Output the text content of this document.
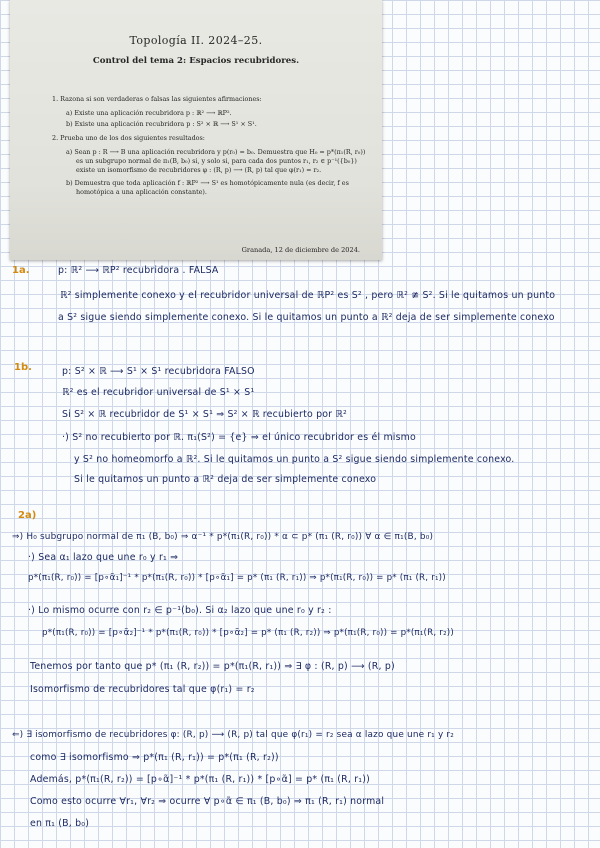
Topología II. 2024–25.
Control del tema 2: Espacios recubridores.
1. Razona si son verdaderas o falsas las siguientes afirmaciones:
a) Existe una aplicación recubridora p : ℝ² ⟶ ℝP².
b) Existe una aplicación recubridora p : S² × ℝ ⟶ S¹ × S¹.
2. Prueba uno de los dos siguientes resultados:
a) Sean p : R ⟶ B una aplicación recubridora y p(r₀) = b₀. Demuestra que H₀ = p*(π₁(R, r₀))
es un subgrupo normal de π₁(B, b₀) si, y solo si, para cada dos puntos r₁, r₂ ∈ p⁻¹({b₀})
existe un isomorfismo de recubridores φ : (R, p) ⟶ (R, p) tal que φ(r₁) = r₂.
b) Demuestra que toda aplicación f : ℝP² ⟶ S¹ es homotópicamente nula (es decir, f es
homotópica a una aplicación constante).
Granada, 12 de diciembre de 2024.
1a.	p: ℝ² ⟶ ℝP² recubridora . FALSA
ℝ² simplemente conexo y el recubridor universal de ℝP² es S² , pero ℝ² ≇ S². Si le quitamos un punto
a S² sigue siendo simplemente conexo. Si le quitamos un punto a ℝ² deja de ser simplemente conexo
1b.	p: S² × ℝ ⟶ S¹ × S¹ recubridora FALSO
ℝ² es el recubridor universal de S¹ × S¹
Si S² × ℝ recubridor de S¹ × S¹ ⇒ S² × ℝ recubierto por ℝ²
·) S² no recubierto por ℝ. π₁(S²) = {e} ⇒ el único recubridor es él mismo
y S² no homeomorfo a ℝ². Si le quitamos un punto a S² sigue siendo simplemente conexo.
Si le quitamos un punto a ℝ² deja de ser simplemente conexo
2a)
⇒) H₀ subgrupo normal de π₁ (B, b₀) ⇒ α⁻¹ * p*(π₁(R, r₀)) * α ⊂ p* (π₁ (R, r₀)) ∀ α ∈ π₁(B, b₀)
·) Sea α₁ lazo que une r₀ y r₁ ⇒
p*(π₁(R, r₀)) = [p∘α̃₁]⁻¹ * p*(π₁(R, r₀)) * [p∘α̃₁] = p* (π₁ (R, r₁)) ⇒ p*(π₁(R, r₀)) = p* (π₁ (R, r₁))
·) Lo mismo ocurre con r₂ ∈ p⁻¹(b₀). Si α₂ lazo que une r₀ y r₂ :
p*(π₁(R, r₀)) = [p∘α̃₂]⁻¹ * p*(π₁(R, r₀)) * [p∘α̃₂] = p* (π₁ (R, r₂)) ⇒ p*(π₁(R, r₀)) = p*(π₁(R, r₂))
Tenemos por tanto que p* (π₁ (R, r₂)) = p*(π₁(R, r₁)) ⇒ ∃ φ : (R, p) ⟶ (R, p)
Isomorfismo de recubridores tal que φ(r₁) = r₂
⇐) ∃ isomorfismo de recubridores φ: (R, p) ⟶ (R, p) tal que φ(r₁) = r₂ sea α lazo que une r₁ y r₂
como ∃ isomorfismo ⇒ p*(π₁ (R, r₁)) = p*(π₁ (R, r₂))
Además, p*(π₁(R, r₂)) = [p∘α̃]⁻¹ * p*(π₁ (R, r₁)) * [p∘α̃] = p* (π₁ (R, r₁))
Como esto ocurre ∀r₁, ∀r₂ ⇒ ocurre ∀ p∘α̃ ∈ π₁ (B, b₀) ⇒ π₁ (R, r₁) normal
en π₁ (B, b₀)
